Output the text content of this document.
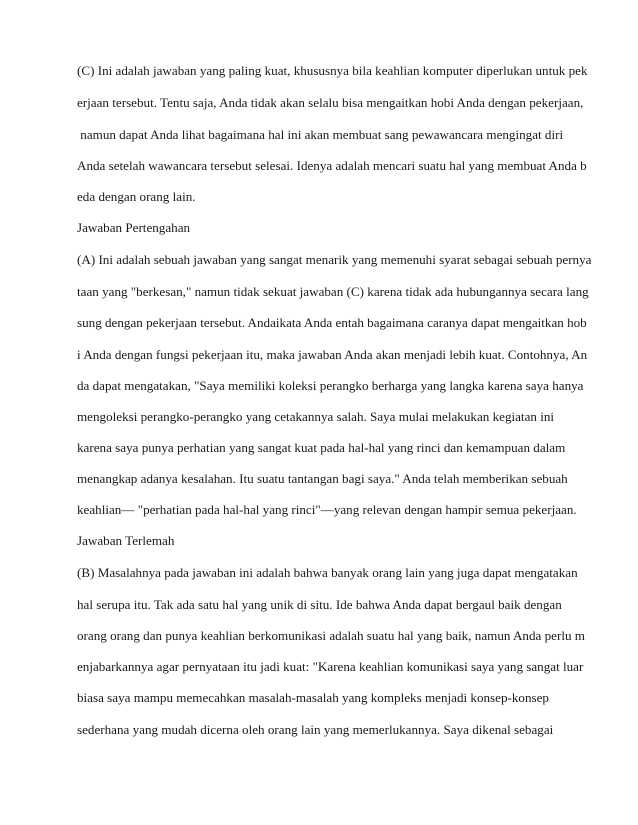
(C) Ini adalah jawaban yang paling kuat, khususnya bila keahlian komputer diperlukan untuk pek
erjaan tersebut. Tentu saja, Anda tidak akan selalu bisa mengaitkan hobi Anda dengan pekerjaan,
namun dapat Anda lihat bagaimana hal ini akan membuat sang pewawancara mengingat diri
Anda setelah wawancara tersebut selesai. Idenya adalah mencari suatu hal yang membuat Anda b
eda dengan orang lain.
Jawaban Pertengahan
(A) Ini adalah sebuah jawaban yang sangat menarik yang memenuhi syarat sebagai sebuah pernya
taan yang "berkesan," namun tidak sekuat jawaban (C) karena tidak ada hubungannya secara lang
sung dengan pekerjaan tersebut. Andaikata Anda entah bagaimana caranya dapat mengaitkan hob
i Anda dengan fungsi pekerjaan itu, maka jawaban Anda akan menjadi lebih kuat. Contohnya, An
da dapat mengatakan, "Saya memiliki koleksi perangko berharga yang langka karena saya hanya
mengoleksi perangko-perangko yang cetakannya salah. Saya mulai melakukan kegiatan ini
karena saya punya perhatian yang sangat kuat pada hal-hal yang rinci dan kemampuan dalam
menangkap adanya kesalahan. Itu suatu tantangan bagi saya." Anda telah memberikan sebuah
keahlian— "perhatian pada hal-hal yang rinci"—yang relevan dengan hampir semua pekerjaan.
Jawaban Terlemah
(B) Masalahnya pada jawaban ini adalah bahwa banyak orang lain yang juga dapat mengatakan
hal serupa itu. Tak ada satu hal yang unik di situ. Ide bahwa Anda dapat bergaul baik dengan
orang orang dan punya keahlian berkomunikasi adalah suatu hal yang baik, namun Anda perlu m
enjabarkannya agar pernyataan itu jadi kuat: "Karena keahlian komunikasi saya yang sangat luar
biasa saya mampu memecahkan masalah-masalah yang kompleks menjadi konsep-konsep
sederhana yang mudah dicerna oleh orang lain yang memerlukannya. Saya dikenal sebagai
